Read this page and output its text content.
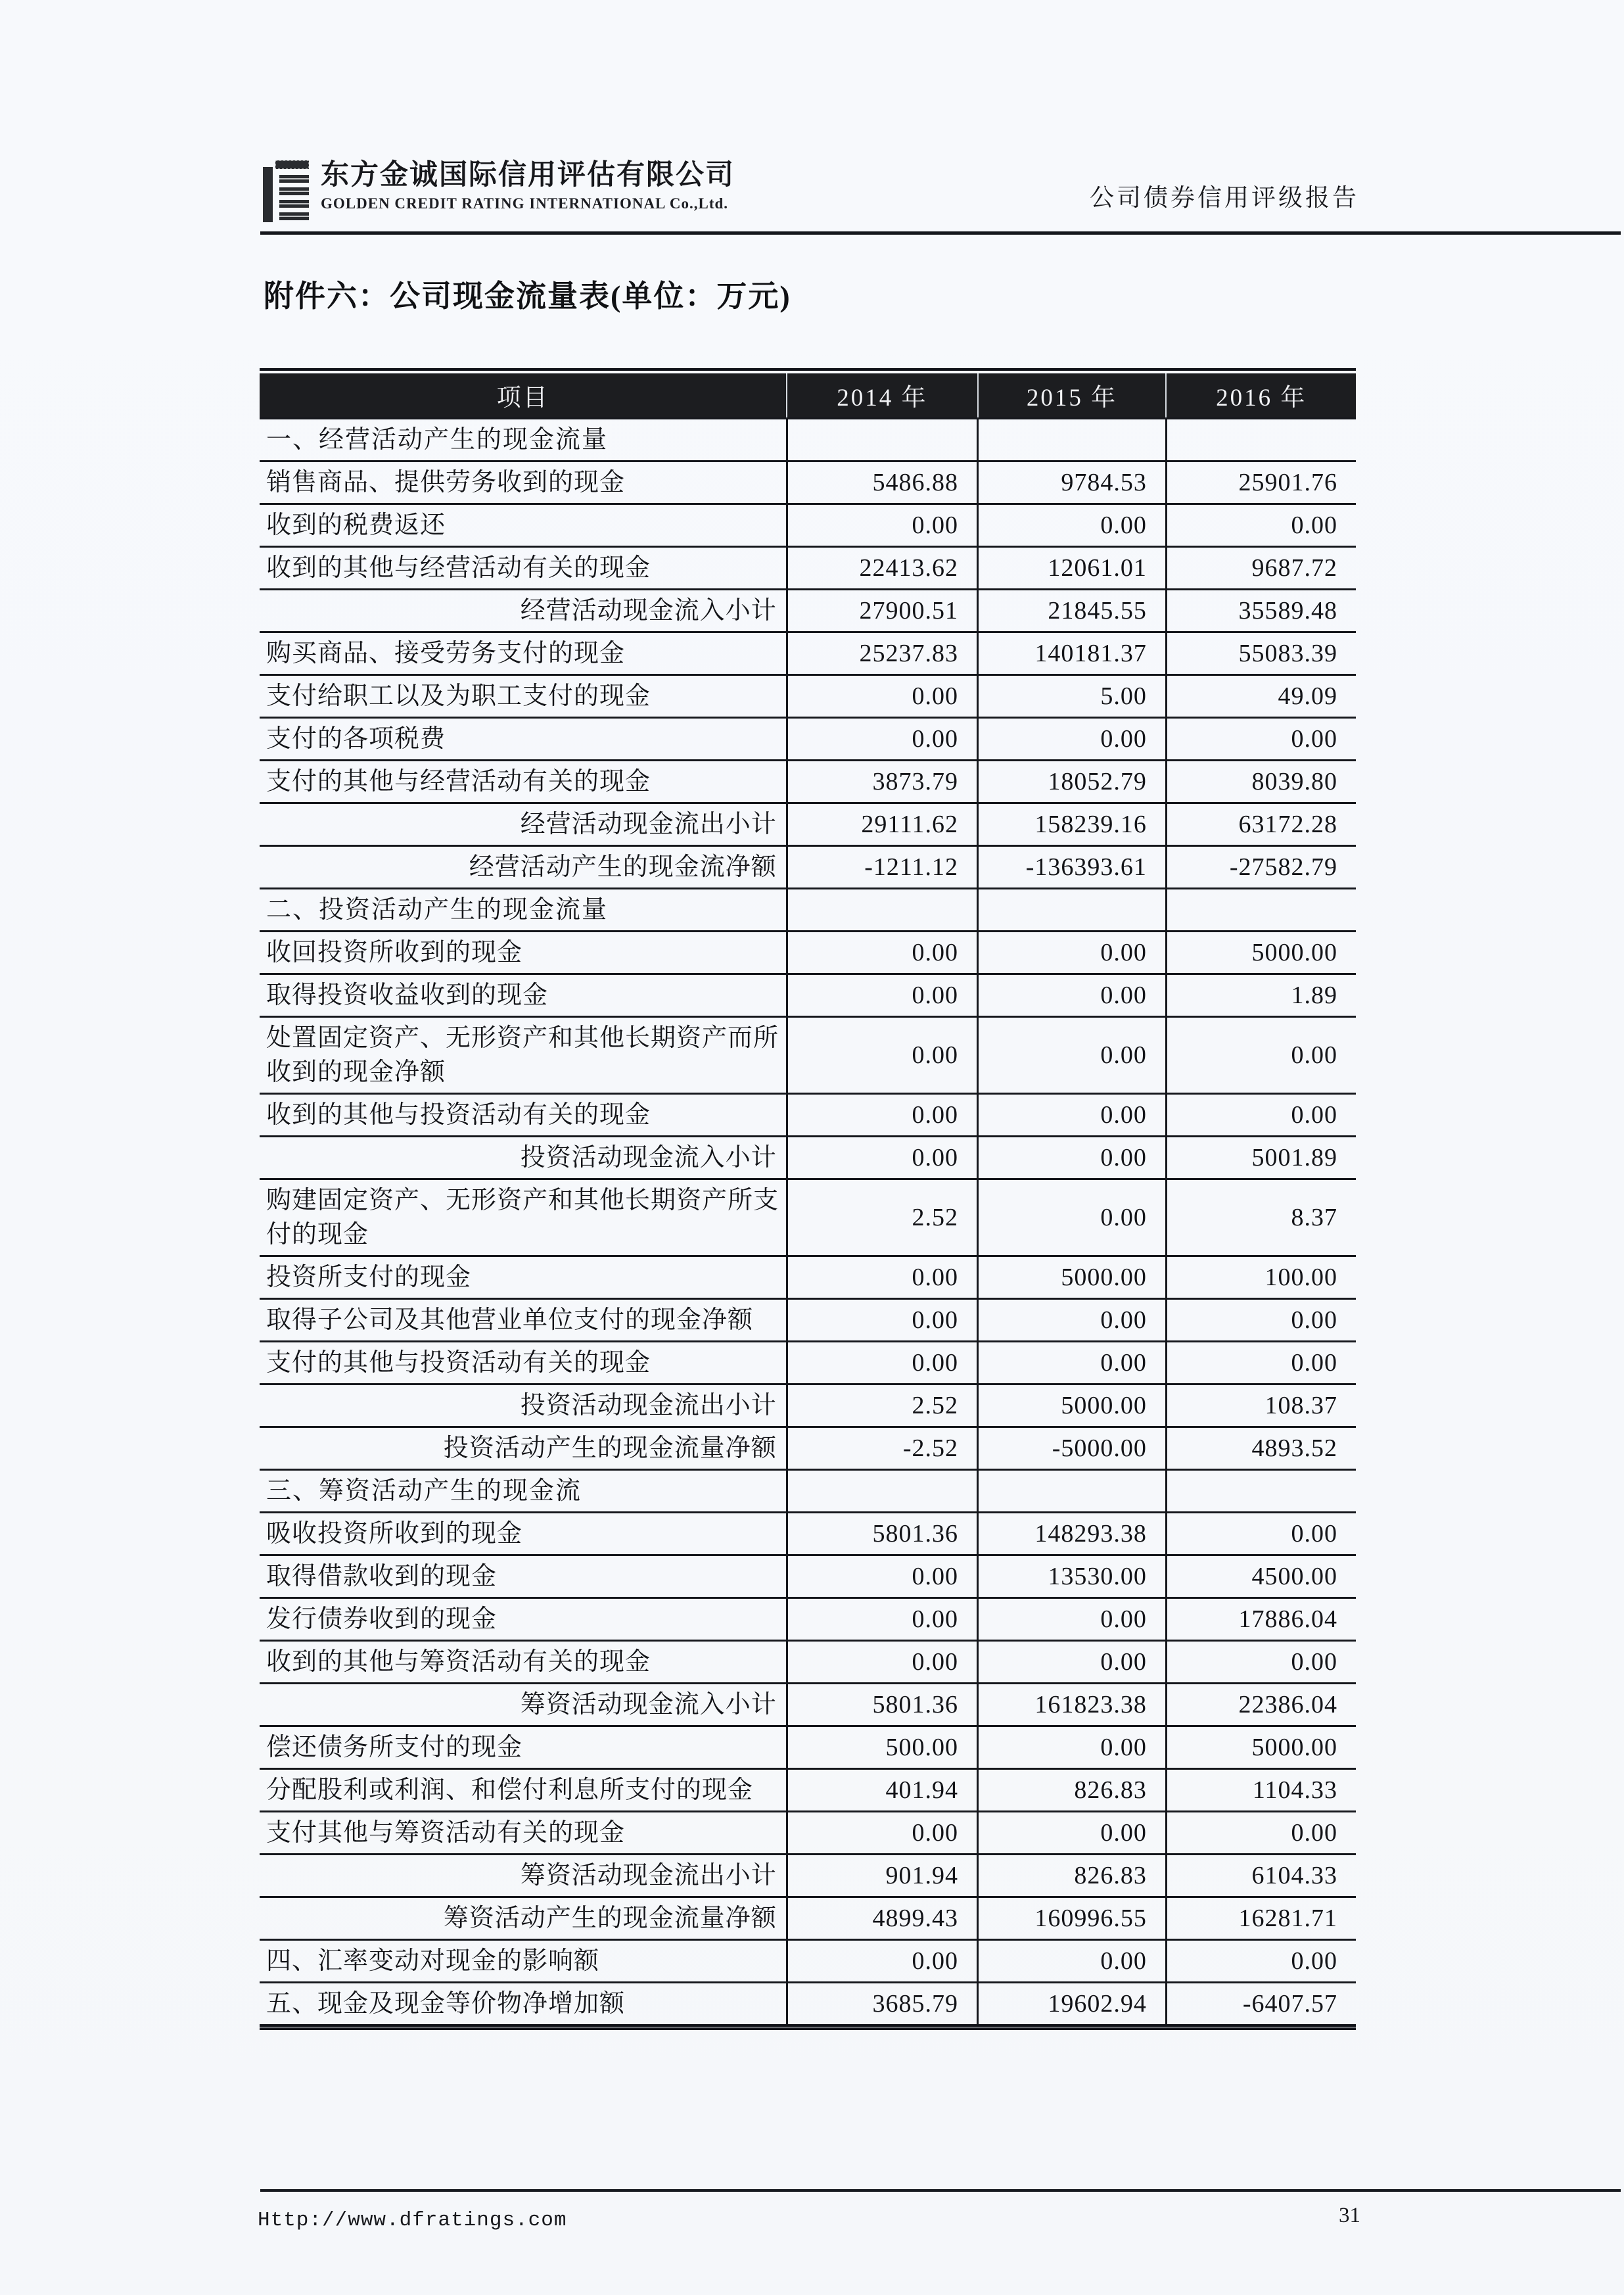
东方金诚国际信用评估有限公司
GOLDEN CREDIT RATING INTERNATIONAL Co.,Ltd.	公司债券信用评级报告
附件六：公司现金流量表(单位：万元)
项目	2014 年	2015 年	2016 年
一、经营活动产生的现金流量			
销售商品、提供劳务收到的现金	5486.88	9784.53	25901.76
收到的税费返还	0.00	0.00	0.00
收到的其他与经营活动有关的现金	22413.62	12061.01	9687.72
经营活动现金流入小计	27900.51	21845.55	35589.48
购买商品、接受劳务支付的现金	25237.83	140181.37	55083.39
支付给职工以及为职工支付的现金	0.00	5.00	49.09
支付的各项税费	0.00	0.00	0.00
支付的其他与经营活动有关的现金	3873.79	18052.79	8039.80
经营活动现金流出小计	29111.62	158239.16	63172.28
经营活动产生的现金流净额	-1211.12	-136393.61	-27582.79
二、投资活动产生的现金流量			
收回投资所收到的现金	0.00	0.00	5000.00
取得投资收益收到的现金	0.00	0.00	1.89
处置固定资产、无形资产和其他长期资产而所收到的现金净额	0.00	0.00	0.00
收到的其他与投资活动有关的现金	0.00	0.00	0.00
投资活动现金流入小计	0.00	0.00	5001.89
购建固定资产、无形资产和其他长期资产所支付的现金	2.52	0.00	8.37
投资所支付的现金	0.00	5000.00	100.00
取得子公司及其他营业单位支付的现金净额	0.00	0.00	0.00
支付的其他与投资活动有关的现金	0.00	0.00	0.00
投资活动现金流出小计	2.52	5000.00	108.37
投资活动产生的现金流量净额	-2.52	-5000.00	4893.52
三、筹资活动产生的现金流			
吸收投资所收到的现金	5801.36	148293.38	0.00
取得借款收到的现金	0.00	13530.00	4500.00
发行债券收到的现金	0.00	0.00	17886.04
收到的其他与筹资活动有关的现金	0.00	0.00	0.00
筹资活动现金流入小计	5801.36	161823.38	22386.04
偿还债务所支付的现金	500.00	0.00	5000.00
分配股利或利润、和偿付利息所支付的现金	401.94	826.83	1104.33
支付其他与筹资活动有关的现金	0.00	0.00	0.00
筹资活动现金流出小计	901.94	826.83	6104.33
筹资活动产生的现金流量净额	4899.43	160996.55	16281.71
四、汇率变动对现金的影响额	0.00	0.00	0.00
五、现金及现金等价物净增加额	3685.79	19602.94	-6407.57
Http://www.dfratings.com	31
